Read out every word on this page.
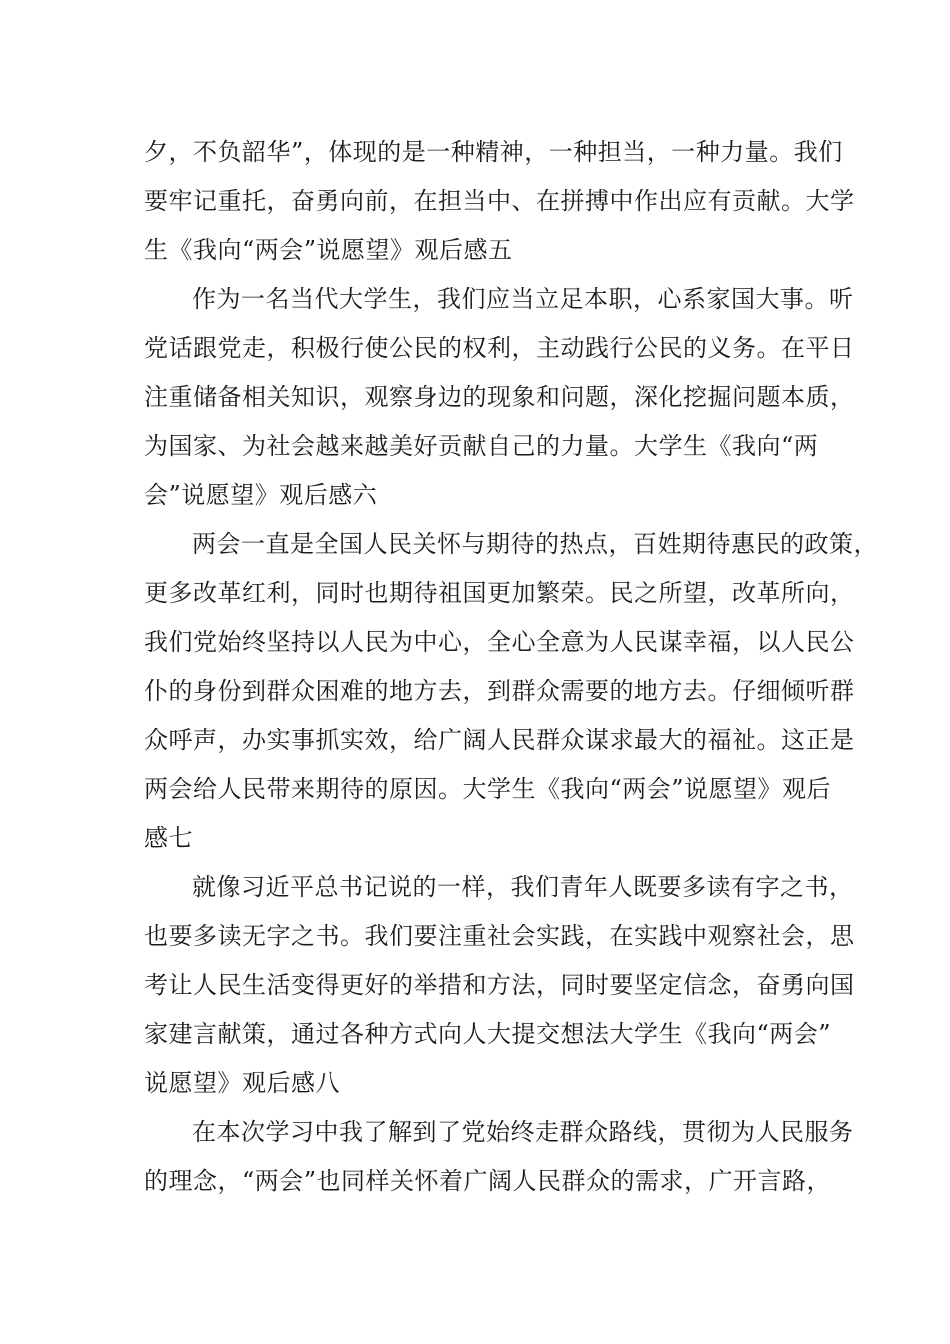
夕，不负韶华”，体现的是一种精神，一种担当，一种力量。我们
要牢记重托，奋勇向前，在担当中、在拼搏中作出应有贡献。大学
生《我向“两会”说愿望》观后感五
作为一名当代大学生，我们应当立足本职，心系家国大事。听
党话跟党走，积极行使公民的权利，主动践行公民的义务。在平日
注重储备相关知识，观察身边的现象和问题，深化挖掘问题本质，
为国家、为社会越来越美好贡献自己的力量。大学生《我向“两
会”说愿望》观后感六
两会一直是全国人民关怀与期待的热点，百姓期待惠民的政策，
更多改革红利，同时也期待祖国更加繁荣。民之所望，改革所向，
我们党始终坚持以人民为中心，全心全意为人民谋幸福，以人民公
仆的身份到群众困难的地方去，到群众需要的地方去。仔细倾听群
众呼声，办实事抓实效，给广阔人民群众谋求最大的福祉。这正是
两会给人民带来期待的原因。大学生《我向“两会”说愿望》观后
感七
就像习近平总书记说的一样，我们青年人既要多读有字之书，
也要多读无字之书。我们要注重社会实践，在实践中观察社会，思
考让人民生活变得更好的举措和方法，同时要坚定信念，奋勇向国
家建言献策，通过各种方式向人大提交想法大学生《我向“两会”
说愿望》观后感八
在本次学习中我了解到了党始终走群众路线，贯彻为人民服务
的理念，“两会”也同样关怀着广阔人民群众的需求，广开言路，
